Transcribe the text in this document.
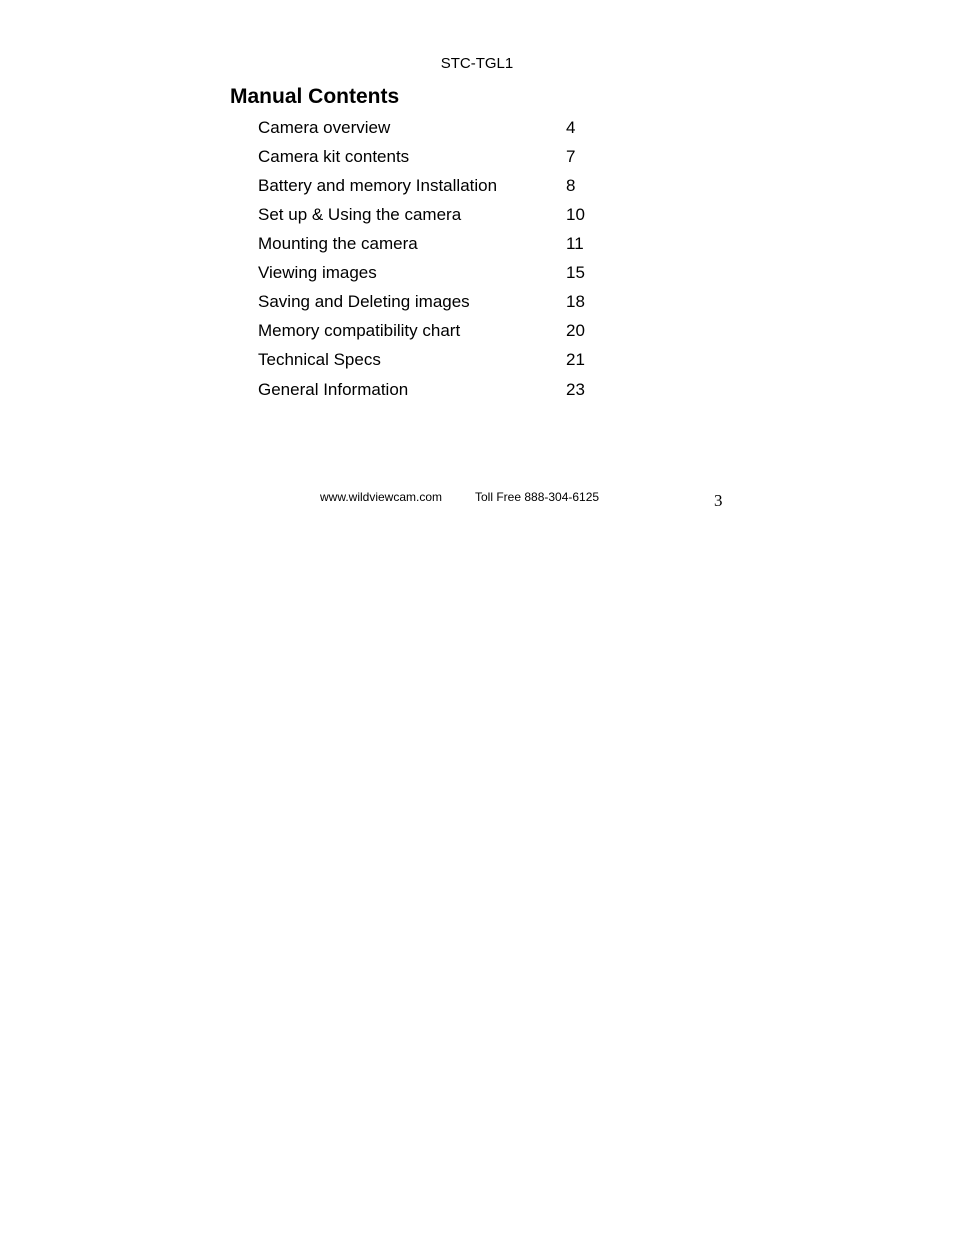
STC-TGL1
Manual Contents
Camera overview	4
Camera kit contents	7
Battery and memory Installation	8
Set up & Using the camera	10
Mounting the camera	11
Viewing images	15
Saving and Deleting images	18
Memory compatibility chart	20
Technical Specs	21
General Information	23
www.wildviewcam.com	Toll Free 888-304-6125	3
